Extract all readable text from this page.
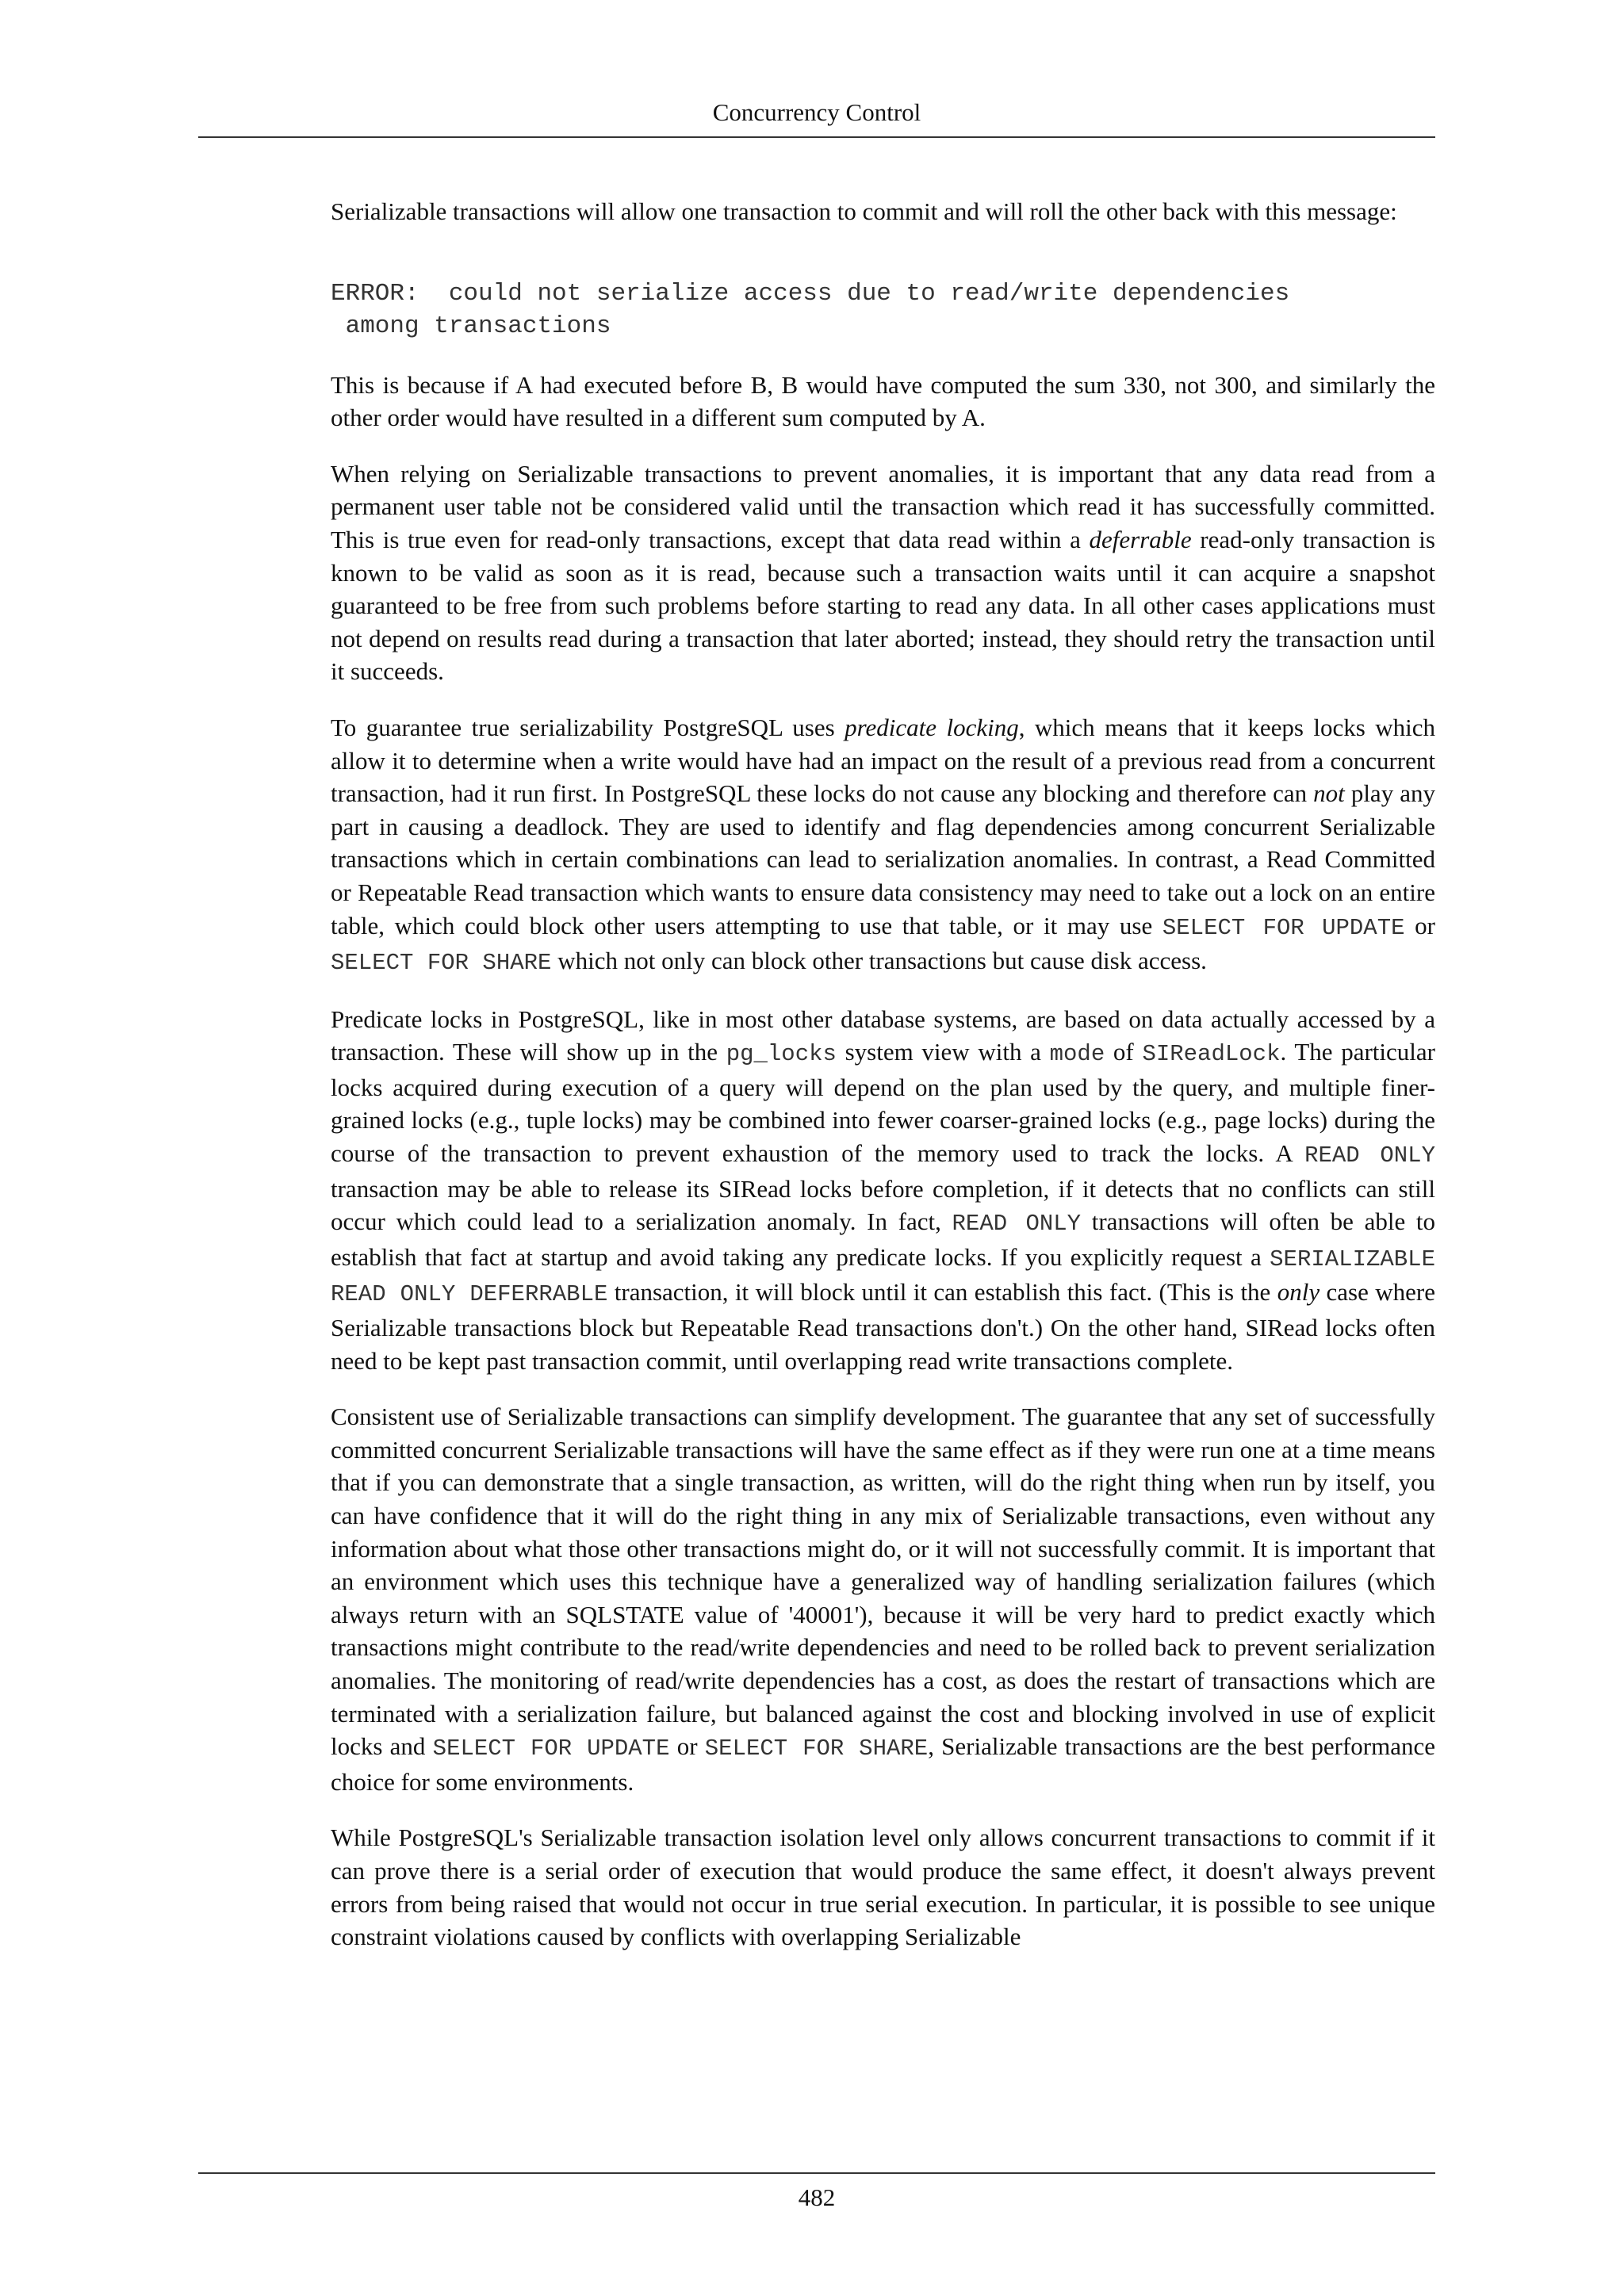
Concurrency Control

Serializable transactions will allow one transaction to commit and will roll the other back with this message:

ERROR:  could not serialize access due to read/write dependencies
among transactions

This is because if A had executed before B, B would have computed the sum 330, not 300, and similarly the other order would have resulted in a different sum computed by A.

When relying on Serializable transactions to prevent anomalies, it is important that any data read from a permanent user table not be considered valid until the transaction which read it has successfully committed. This is true even for read-only transactions, except that data read within a deferrable read-only transaction is known to be valid as soon as it is read, because such a transaction waits until it can acquire a snapshot guaranteed to be free from such problems before starting to read any data. In all other cases applications must not depend on results read during a transaction that later aborted; instead, they should retry the transaction until it succeeds.

To guarantee true serializability PostgreSQL uses predicate locking, which means that it keeps locks which allow it to determine when a write would have had an impact on the result of a previous read from a concurrent transaction, had it run first. In PostgreSQL these locks do not cause any blocking and therefore can not play any part in causing a deadlock. They are used to identify and flag dependencies among concurrent Serializable transactions which in certain combinations can lead to serialization anomalies. In contrast, a Read Committed or Repeatable Read transaction which wants to ensure data consistency may need to take out a lock on an entire table, which could block other users attempting to use that table, or it may use SELECT FOR UPDATE or SELECT FOR SHARE which not only can block other transactions but cause disk access.

Predicate locks in PostgreSQL, like in most other database systems, are based on data actually accessed by a transaction. These will show up in the pg_locks system view with a mode of SIReadLock. The particular locks acquired during execution of a query will depend on the plan used by the query, and multiple finer-grained locks (e.g., tuple locks) may be combined into fewer coarser-grained locks (e.g., page locks) during the course of the transaction to prevent exhaustion of the memory used to track the locks. A READ ONLY transaction may be able to release its SIRead locks before completion, if it detects that no conflicts can still occur which could lead to a serialization anomaly. In fact, READ ONLY transactions will often be able to establish that fact at startup and avoid taking any predicate locks. If you explicitly request a SERIALIZABLE READ ONLY DEFERRABLE transaction, it will block until it can establish this fact. (This is the only case where Serializable transactions block but Repeatable Read transactions don't.) On the other hand, SIRead locks often need to be kept past transaction commit, until overlapping read write transactions complete.

Consistent use of Serializable transactions can simplify development. The guarantee that any set of successfully committed concurrent Serializable transactions will have the same effect as if they were run one at a time means that if you can demonstrate that a single transaction, as written, will do the right thing when run by itself, you can have confidence that it will do the right thing in any mix of Serializable transactions, even without any information about what those other transactions might do, or it will not successfully commit. It is important that an environment which uses this technique have a generalized way of handling serialization failures (which always return with an SQLSTATE value of '40001'), because it will be very hard to predict exactly which transactions might contribute to the read/write dependencies and need to be rolled back to prevent serialization anomalies. The monitoring of read/write dependencies has a cost, as does the restart of transactions which are terminated with a serialization failure, but balanced against the cost and blocking involved in use of explicit locks and SELECT FOR UPDATE or SELECT FOR SHARE, Serializable transactions are the best performance choice for some environments.

While PostgreSQL's Serializable transaction isolation level only allows concurrent transactions to commit if it can prove there is a serial order of execution that would produce the same effect, it doesn't always prevent errors from being raised that would not occur in true serial execution. In particular, it is possible to see unique constraint violations caused by conflicts with overlapping Serializable

482
